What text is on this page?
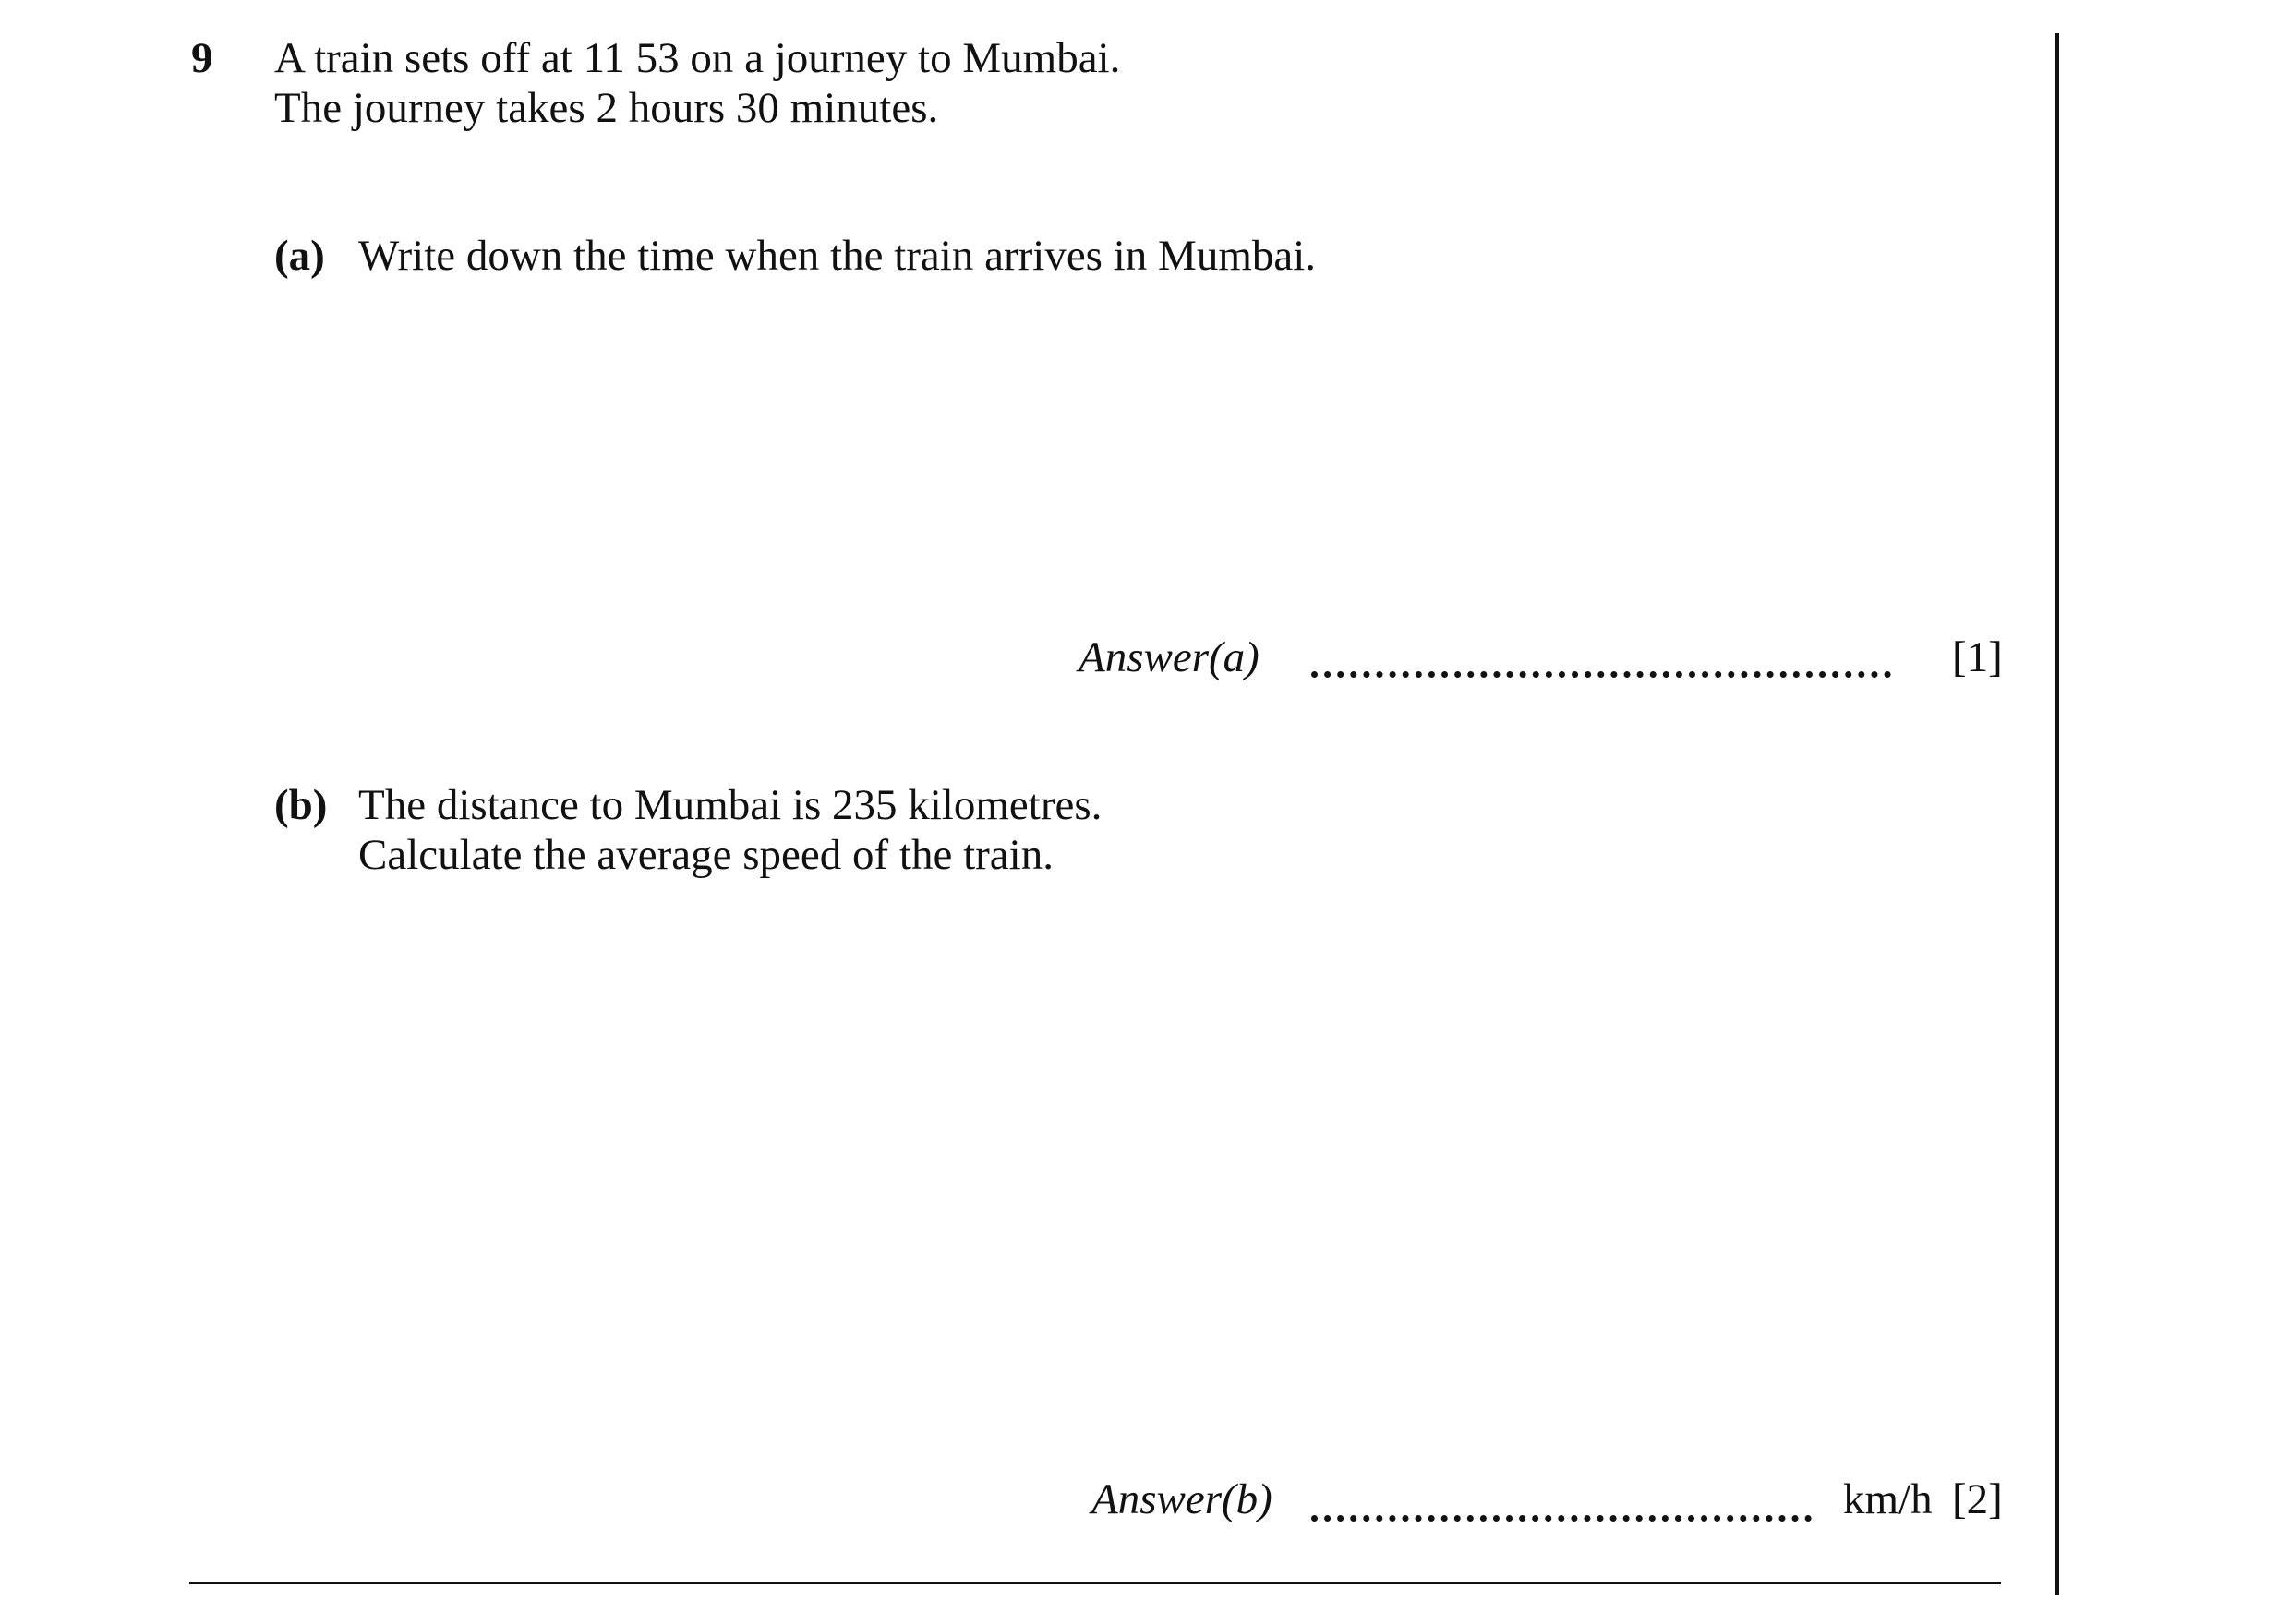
9 A train sets off at 11 53 on a journey to Mumbai.
The journey takes 2 hours 30 minutes.
(a) Write down the time when the train arrives in Mumbai.
Answer(a)	[1]
(b) The distance to Mumbai is 235 kilometres.
Calculate the average speed of the train.
Answer(b)	km/h [2]
